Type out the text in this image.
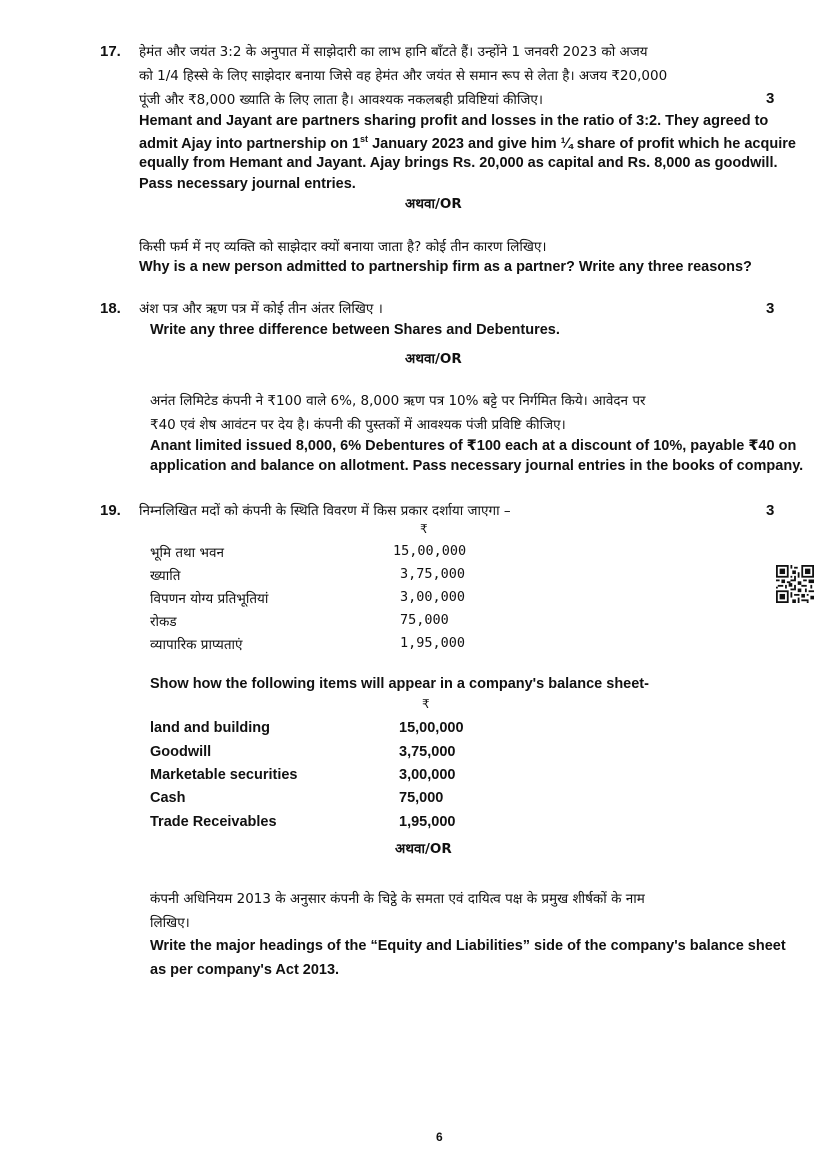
17. हेमंत और जयंत 3:2 के अनुपात में साझेदारी का लाभ हानि बाँटते हैं। उन्होंने 1 जनवरी 2023 को अजय
को 1/4 हिस्से के लिए साझेदार बनाया जिसे वह हेमंत और जयंत से समान रूप से लेता है। अजय ₹20,000
पूंजी और ₹8,000 ख्याति के लिए लाता है। आवश्यक नकलबही प्रविष्टियां कीजिए।	3
Hemant and Jayant are partners sharing profit and losses in the ratio of 3:2. They agreed to
admit Ajay into partnership on 1st January 2023 and give him ¼ share of profit which he acquire
equally from Hemant and Jayant. Ajay brings Rs. 20,000 as capital and Rs. 8,000 as goodwill.
Pass necessary journal entries.
अथवा/OR
किसी फर्म में नए व्यक्ति को साझेदार क्यों बनाया जाता है? कोई तीन कारण लिखिए।
Why is a new person admitted to partnership firm as a partner? Write any three reasons?
18. अंश पत्र और ऋण पत्र में कोई तीन अंतर लिखिए ।	3
Write any three difference between Shares and Debentures.
अथवा/OR
अनंत लिमिटेड कंपनी ने ₹100 वाले 6%, 8,000 ऋण पत्र 10% बट्टे पर निर्गमित किये। आवेदन पर
₹40 एवं शेष आवंटन पर देय है। कंपनी की पुस्तकों में आवश्यक पंजी प्रविष्टि कीजिए।
Anant limited issued 8,000, 6% Debentures of ₹100 each at a discount of 10%, payable ₹40 on
application and balance on allotment. Pass necessary journal entries in the books of company.
19. निम्नलिखित मदों को कंपनी के स्थिति विवरण में किस प्रकार दर्शाया जाएगा –	3
₹
भूमि तथा भवन	15,00,000
ख्याति	3,75,000
विपणन योग्य प्रतिभूतियां	3,00,000
रोकड	75,000
व्यापारिक प्राप्यताएं	1,95,000
Show how the following items will appear in a company's balance sheet-
₹
land and building	15,00,000
Goodwill	3,75,000
Marketable securities	3,00,000
Cash	75,000
Trade Receivables	1,95,000
अथवा/OR
कंपनी अधिनियम 2013 के अनुसार कंपनी के चिट्ठे के समता एवं दायित्व पक्ष के प्रमुख शीर्षकों के नाम
लिखिए।
Write the major headings of the “Equity and Liabilities” side of the company's balance sheet
as per company's Act 2013.
6
